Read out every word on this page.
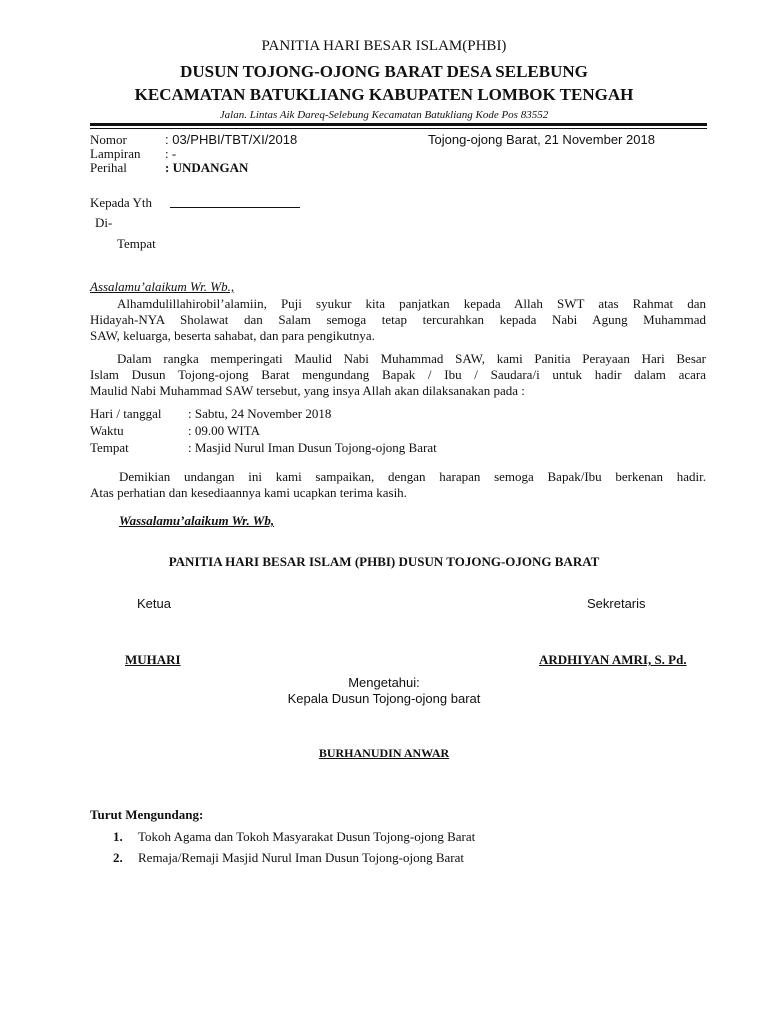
PANITIA HARI BESAR ISLAM(PHBI)
DUSUN TOJONG-OJONG BARAT DESA SELEBUNG
KECAMATAN BATUKLIANG KABUPATEN LOMBOK TENGAH
Jalan. Lintas Aik Dareq-Selebung Kecamatan Batukliang Kode Pos 83552
Nomor	: 03/PHBI/TBT/XI/2018	Tojong-ojong Barat, 21 November 2018
Lampiran : -
Perihal	: UNDANGAN
Kepada Yth
Di-
Tempat
Assalamu’alaikum Wr. Wb.,
Alhamdulillahirobil’alamiin, Puji syukur kita panjatkan kepada Allah SWT atas Rahmat dan
Hidayah-NYA Sholawat dan Salam semoga tetap tercurahkan kepada Nabi Agung Muhammad
SAW, keluarga, beserta sahabat, dan para pengikutnya.
Dalam rangka memperingati Maulid Nabi Muhammad SAW, kami Panitia Perayaan Hari Besar
Islam Dusun Tojong-ojong Barat mengundang Bapak / Ibu / Saudara/i untuk hadir dalam acara
Maulid Nabi Muhammad SAW tersebut, yang insya Allah akan dilaksanakan pada :
Hari / tanggal : Sabtu, 24 November 2018
Waktu	: 09.00 WITA
Tempat	: Masjid Nurul Iman Dusun Tojong-ojong Barat
Demikian undangan ini kami sampaikan, dengan harapan semoga Bapak/Ibu berkenan hadir.
Atas perhatian dan kesediaannya kami ucapkan terima kasih.
Wassalamu’alaikum Wr. Wb,
PANITIA HARI BESAR ISLAM (PHBI) DUSUN TOJONG-OJONG BARAT
Ketua	Sekretaris
MUHARI	ARDHIYAN AMRI, S. Pd.
Mengetahui:
Kepala Dusun Tojong-ojong barat
BURHANUDIN ANWAR
Turut Mengundang:
1. Tokoh Agama dan Tokoh Masyarakat Dusun Tojong-ojong Barat
2. Remaja/Remaji Masjid Nurul Iman Dusun Tojong-ojong Barat
